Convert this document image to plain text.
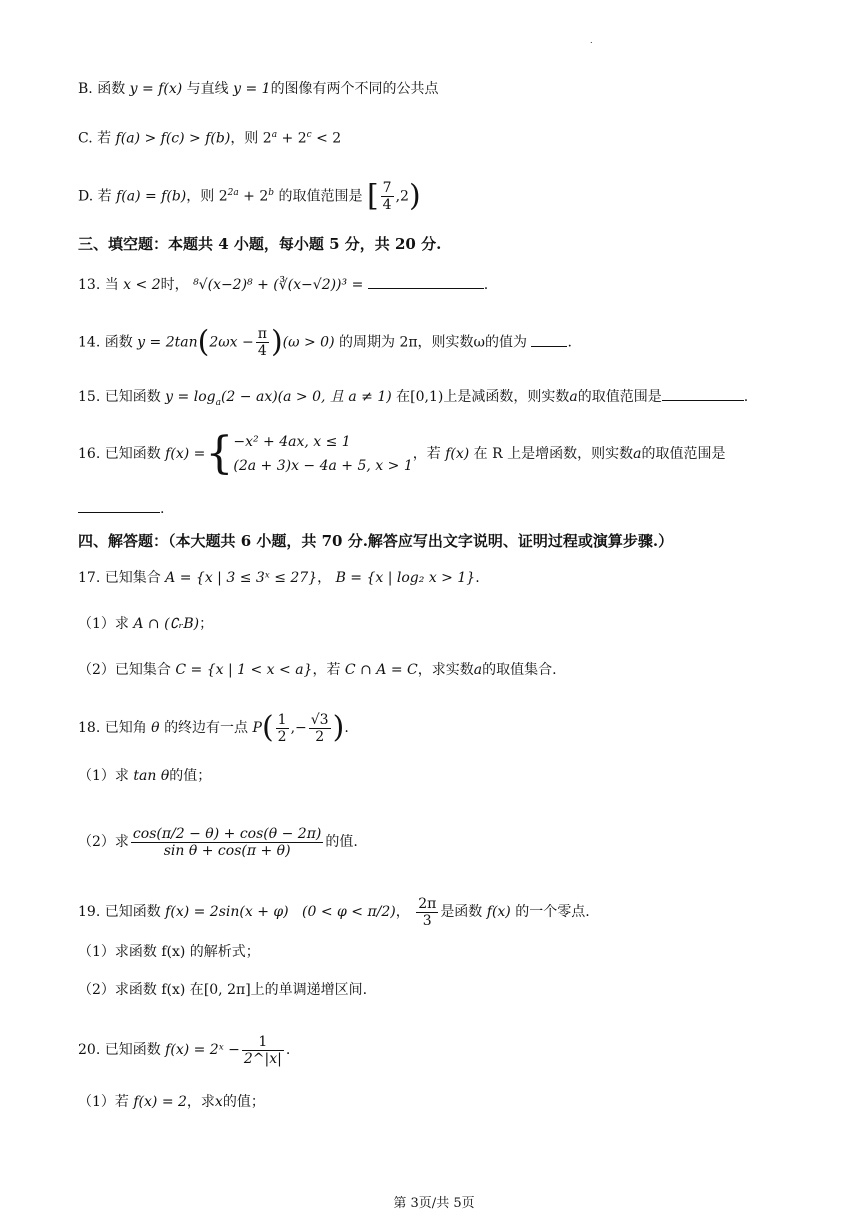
.
B. 函数 y = f(x) 与直线 y = 1的图像有两个不同的公共点
C. 若 f(a) > f(c) > f(b)，则 $2^a + 2^c < 2$
D. 若 f(a) = f(b)，则 $2^{2a} + 2^b$ 的取值范围是 [ $\frac{7}{4} ,2$)
三、填空题：本题共 4 小题，每小题 5 分，共 20 分.
13. 当 x < 2时， ⁸√(x−2)⁸ + (∛(x−√2))³ =	.
14. 函数 $y = 2\tan(2\omega x - \frac{\pi}{4} )(\omega > 0)$ 的周期为 2π，则实数ω的值为	.
15. 已知函数 $y = \log_a(2 - ax)(a > 0$, 且 a ≠ 1) 在[0,1)上是减函数，则实数a的取值范围是	.
16. 已知函数 f(x) ={ −x² + 4ax, x ≤ 1
(2a + 3)x − 4a + 5, x > 1
，若 f(x) 在 R 上是增函数，则实数a的取值范围是
.
四、解答题：（本大题共 6 小题，共 70 分.解答应写出文字说明、证明过程或演算步骤.）
17. 已知集合 A = {x | 3 ≤ 3ˣ ≤ 27}， B = {x | log₂ x > 1}.
（1）求 A ∩ (∁ᵣB)；
（2）已知集合 C = {x | 1 < x < a}，若 C ∩ A = C，求实数a的取值集合.
18. 已知角 θ 的终边有一点 $P( \frac{1}{2}$ ,− $\frac{√3}{2}$ ).
（1）求 tan θ的值；
（2）求 $\frac{\cos(\pi/2 - \theta) + \cos(\theta - 2\pi)}{\text{sin θ + cos(π + θ)}}$ 的值.
19. 已知函数 f(x) = 2sin(x + φ) (0 < φ < π/2)， $\frac{2\pi}{3}$ 是函数 f(x) 的一个零点.
（1）求函数 f(x) 的解析式；
（2）求函数 f(x) 在[0, 2π]上的单调递增区间.
20. 已知函数 f(x) = 2ˣ − $\frac{1}{2\^{}|x|}$ .
（1）若 f(x) = 2，求x的值；
第 3页/共 5页
